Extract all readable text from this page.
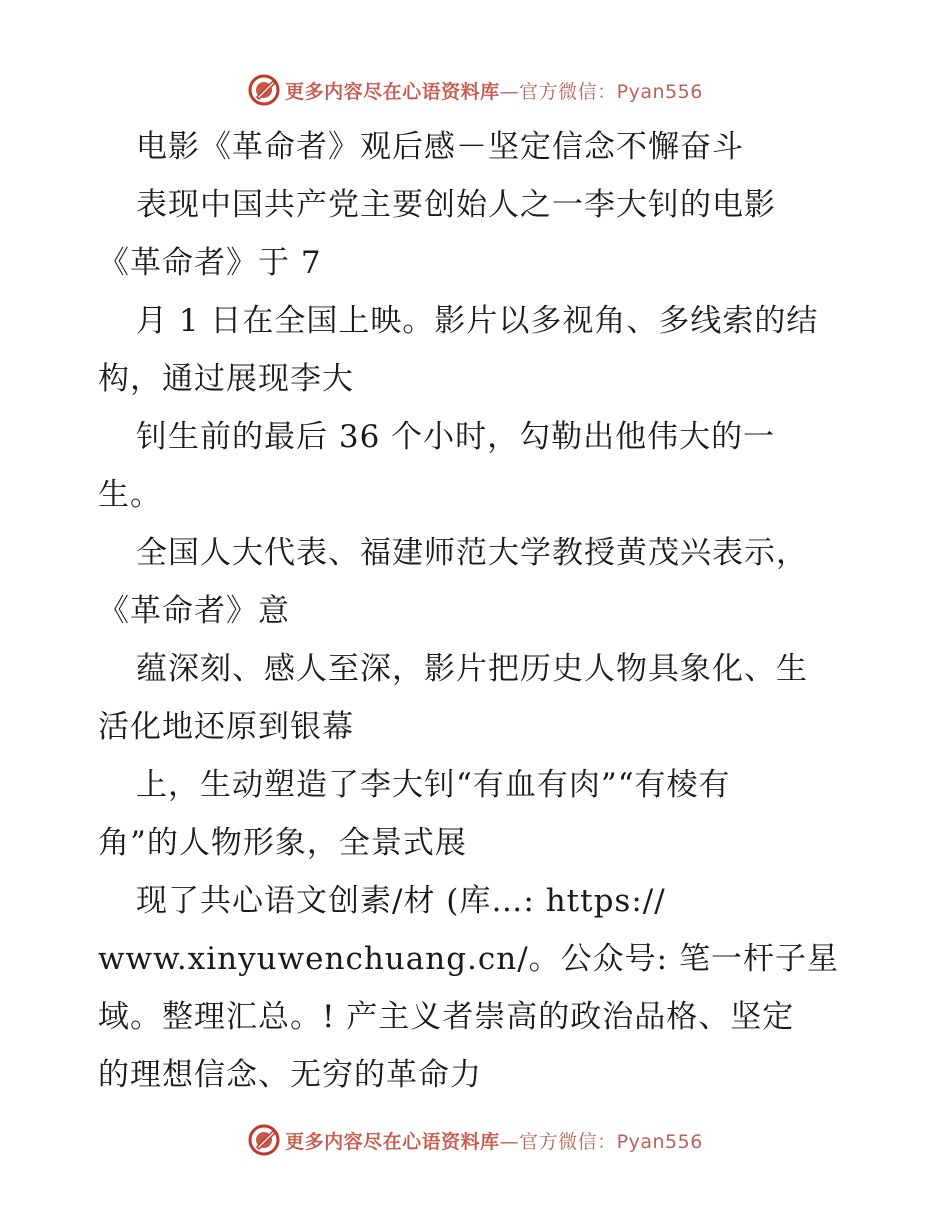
更多内容尽在心语资料库—官方微信：Pyan556
电影《革命者》观后感－坚定信念不懈奋斗
表现中国共产党主要创始人之一李大钊的电影
《革命者》于 7
月 1 日在全国上映。影片以多视角、多线索的结
构，通过展现李大
钊生前的最后 36 个小时，勾勒出他伟大的一
生。
全国人大代表、福建师范大学教授黄茂兴表示，
《革命者》意
蕴深刻、感人至深，影片把历史人物具象化、生
活化地还原到银幕
上，生动塑造了李大钊“有血有肉”“有棱有
角”的人物形象，全景式展
现了共心语文创素/材 (库…: https://
www.xinyuwenchuang.cn/。公众号: 笔一杆子星
域。整理汇总。! 产主义者崇高的政治品格、坚定
的理想信念、无穷的革命力
更多内容尽在心语资料库—官方微信：Pyan556
